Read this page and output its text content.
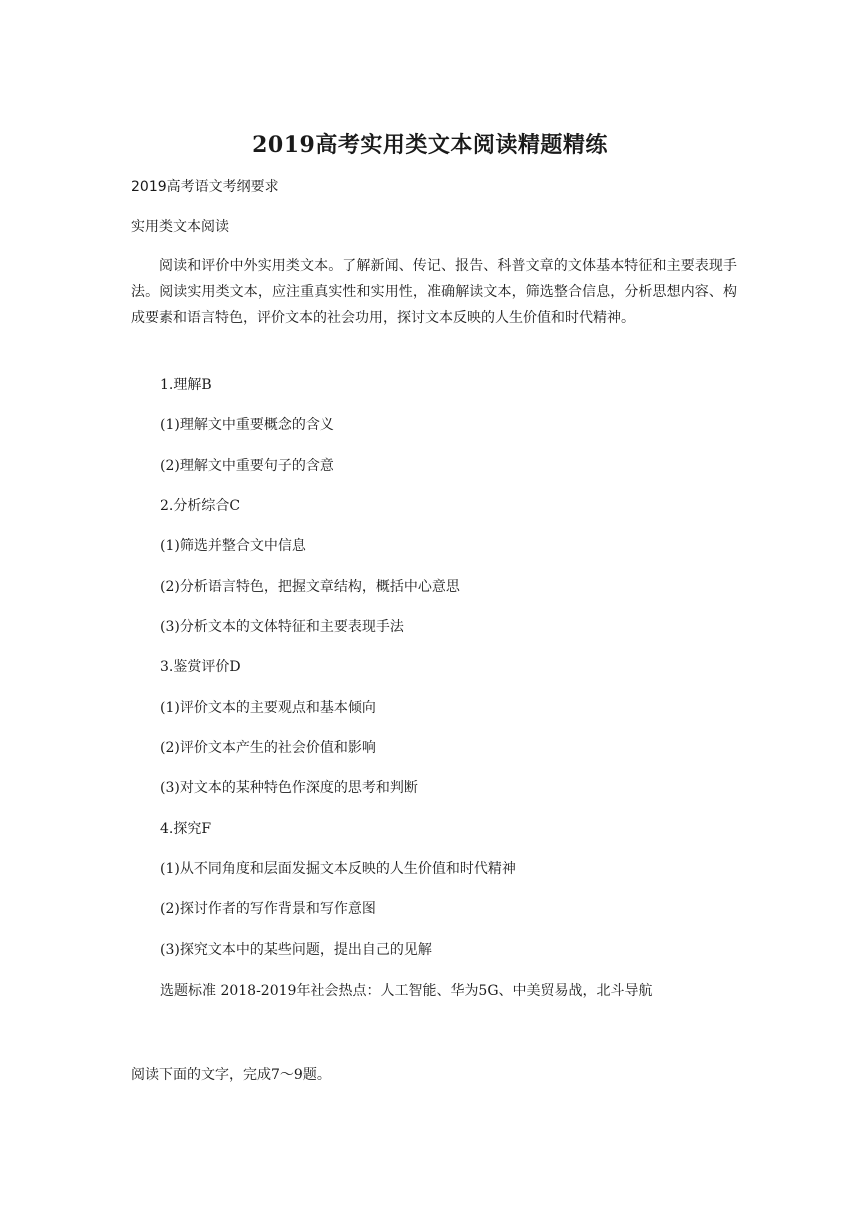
2019高考实用类文本阅读精题精练
2019高考语文考纲要求
实用类文本阅读
阅读和评价中外实用类文本。了解新闻、传记、报告、科普文章的文体基本特征和主要表现手法。阅读实用类文本，应注重真实性和实用性，准确解读文本，筛选整合信息，分析思想内容、构成要素和语言特色，评价文本的社会功用，探讨文本反映的人生价值和时代精神。
1.理解B
(1)理解文中重要概念的含义
(2)理解文中重要句子的含意
2.分析综合C
(1)筛选并整合文中信息
(2)分析语言特色，把握文章结构，概括中心意思
(3)分析文本的文体特征和主要表现手法
3.鉴赏评价D
(1)评价文本的主要观点和基本倾向
(2)评价文本产生的社会价值和影响
(3)对文本的某种特色作深度的思考和判断
4.探究F
(1)从不同角度和层面发掘文本反映的人生价值和时代精神
(2)探讨作者的写作背景和写作意图
(3)探究文本中的某些问题，提出自己的见解
选题标准 2018-2019年社会热点：人工智能、华为5G、中美贸易战，北斗导航
阅读下面的文字，完成7～9题。
